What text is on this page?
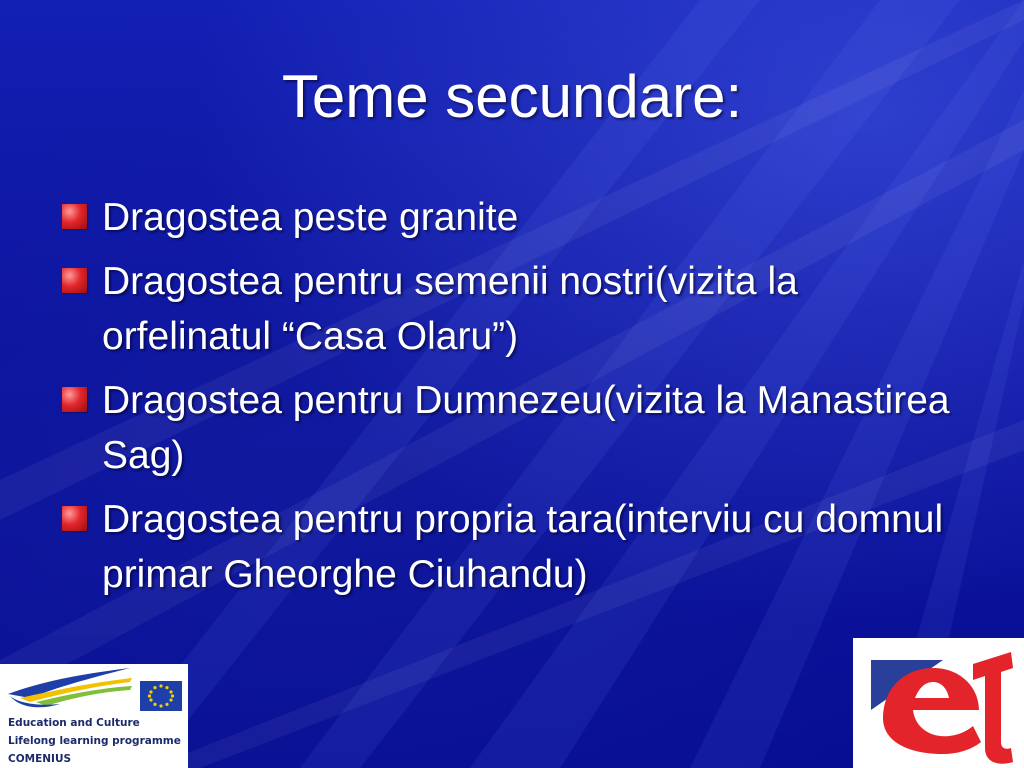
Teme secundare:
Dragostea peste granite
Dragostea pentru semenii nostri(vizita la orfelinatul “Casa Olaru”)
Dragostea pentru Dumnezeu(vizita la Manastirea Sag)
Dragostea pentru propria tara(interviu cu domnul primar Gheorghe Ciuhandu)
Education and Culture
Lifelong learning programme
COMENIUS
